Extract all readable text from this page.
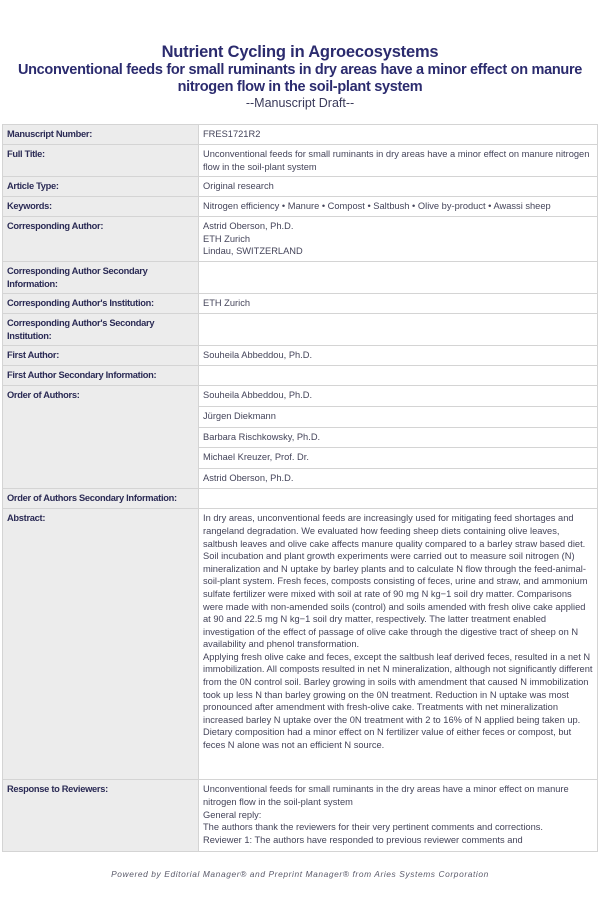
Nutrient Cycling in Agroecosystems
Unconventional feeds for small ruminants in dry areas have a minor effect on manure nitrogen flow in the soil-plant system
--Manuscript Draft--
Manuscript Number:	FRES1721R2
Full Title:	Unconventional feeds for small ruminants in dry areas have a minor effect on manure nitrogen flow in the soil-plant system
Article Type:	Original research
Keywords:	Nitrogen efficiency • Manure • Compost • Saltbush • Olive by-product • Awassi sheep
Corresponding Author:	Astrid Oberson, Ph.D.
ETH Zurich
Lindau, SWITZERLAND

Corresponding Author Secondary Information:	
Corresponding Author's Institution:	ETH Zurich
Corresponding Author's Secondary Institution:	
First Author:	Souheila Abbeddou, Ph.D.
First Author Secondary Information:	
Order of Authors:	Souheila Abbeddou, Ph.D.
Jürgen Diekmann
Barbara Rischkowsky, Ph.D.
Michael Kreuzer, Prof. Dr.
Astrid Oberson, Ph.D.

Order of Authors Secondary Information:	
Abstract:	In dry areas, unconventional feeds are increasingly used for mitigating feed shortages and rangeland degradation. We evaluated how feeding sheep diets containing olive leaves, saltbush leaves and olive cake affects manure quality compared to a barley straw based diet. Soil incubation and plant growth experiments were carried out to measure soil nitrogen (N) mineralization and N uptake by barley plants and to calculate N flow through the feed-animal-soil-plant system. Fresh feces, composts consisting of feces, urine and straw, and ammonium sulfate fertilizer were mixed with soil at rate of 90 mg N kg−1 soil dry matter. Comparisons were made with non-amended soils (control) and soils amended with fresh olive cake applied at 90 and 22.5 mg N kg−1 soil dry matter, respectively. The latter treatment enabled investigation of the effect of passage of olive cake through the digestive tract of sheep on N availability and phenol transformation.
Applying fresh olive cake and feces, except the saltbush leaf derived feces, resulted in a net N immobilization. All composts resulted in net N mineralization, although not significantly different from the 0N control soil. Barley growing in soils with amendment that caused N immobilization took up less N than barley growing on the 0N treatment. Reduction in N uptake was most pronounced after amendment with fresh-olive cake. Treatments with net mineralization increased barley N uptake over the 0N treatment with 2 to 16% of N applied being taken up. Dietary composition had a minor effect on N fertilizer value of either feces or compost, but feces N alone was not an efficient N source.

Response to Reviewers:	Unconventional feeds for small ruminants in the dry areas have a minor effect on manure nitrogen flow in the soil-plant system
General reply:
The authors thank the reviewers for their very pertinent comments and corrections.
Reviewer 1: The authors have responded to previous reviewer comments and
Powered by Editorial Manager® and Preprint Manager® from Aries Systems Corporation
